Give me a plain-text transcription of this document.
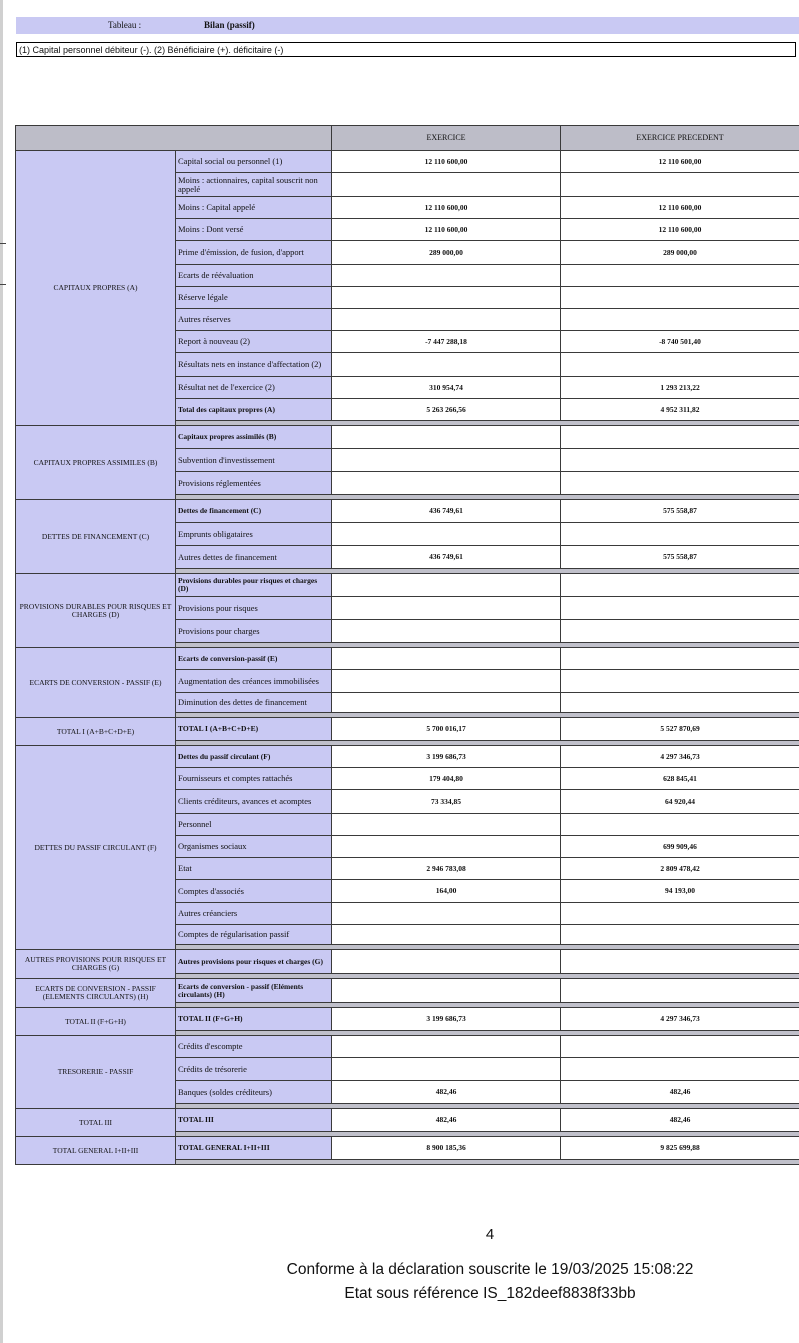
Tableau :	Bilan (passif)
(1) Capital personnel débiteur (-). (2) Bénéficiaire (+). déficitaire (-)
		EXERCICE	EXERCICE PRECEDENT
CAPITAUX PROPRES (A)	Capital social ou personnel (1)	12 110 600,00	12 110 600,00
	Moins : actionnaires, capital souscrit non appelé		
	Moins : Capital appelé	12 110 600,00	12 110 600,00
	Moins : Dont versé	12 110 600,00	12 110 600,00
	Prime d'émission, de fusion, d'apport	289 000,00	289 000,00
	Ecarts de réévaluation		
	Réserve légale		
	Autres réserves		
	Report à nouveau (2)	-7 447 288,18	-8 740 501,40
	Résultats nets en instance d'affectation (2)		
	Résultat net de l'exercice (2)	310 954,74	1 293 213,22
	Total des capitaux propres (A)	5 263 266,56	4 952 311,82

CAPITAUX PROPRES ASSIMILES (B)	Capitaux propres assimilés (B)		
	Subvention d'investissement		
	Provisions réglementées		

DETTES DE FINANCEMENT (C)	Dettes de financement (C)	436 749,61	575 558,87
	Emprunts obligataires		
	Autres dettes de financement	436 749,61	575 558,87

PROVISIONS DURABLES POUR RISQUES ET CHARGES (D)	Provisions durables pour risques et charges (D)		
	Provisions pour risques		
	Provisions pour charges		

ECARTS DE CONVERSION - PASSIF (E)	Ecarts de conversion-passif (E)		
	Augmentation des créances immobilisées		
	Diminution des dettes de financement		

TOTAL I (A+B+C+D+E)	TOTAL I (A+B+C+D+E)	5 700 016,17	5 527 870,69

DETTES DU PASSIF CIRCULANT (F)	Dettes du passif circulant (F)	3 199 686,73	4 297 346,73
	Fournisseurs et comptes rattachés	179 404,80	628 845,41
	Clients créditeurs, avances et acomptes	73 334,85	64 920,44
	Personnel		
	Organismes sociaux		699 909,46
	Etat	2 946 783,08	2 809 478,42
	Comptes d'associés	164,00	94 193,00
	Autres créanciers		
	Comptes de régularisation passif		

AUTRES PROVISIONS POUR RISQUES ET CHARGES (G)	Autres provisions pour risques et charges (G)		

ECARTS DE CONVERSION - PASSIF (ELEMENTS CIRCULANTS) (H)	Ecarts de conversion - passif (Eléments circulants) (H)		

TOTAL II (F+G+H)	TOTAL II (F+G+H)	3 199 686,73	4 297 346,73

TRESORERIE - PASSIF	Crédits d'escompte		
	Crédits de trésorerie		
	Banques (soldes créditeurs)	482,46	482,46

TOTAL III	TOTAL III	482,46	482,46

TOTAL GENERAL I+II+III	TOTAL GENERAL I+II+III	8 900 185,36	9 825 699,88

4
Conforme à la déclaration souscrite le 19/03/2025 15:08:22
Etat sous référence IS_182deef8838f33bb
